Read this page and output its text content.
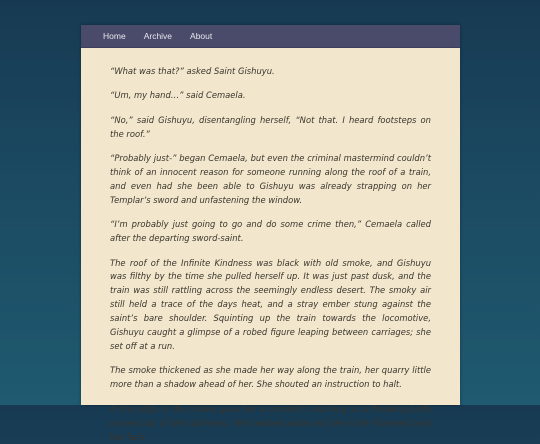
Home Archive About

“What was that?” asked Saint Gishuyu.

“Um, my hand…” said Cemaela.

“No,” said Gishuyu, disentangling herself, “Not that. I heard footsteps on the roof.”

“Probably just-” began Cemaela, but even the criminal mastermind couldn’t think of an innocent reason for someone running along the roof of a train, and even had she been able to Gishuyu was already strapping on her Templar’s sword and unfastening the window.

“I’m probably just going to go and do some crime then,” Cemaela called after the departing sword-saint.

The roof of the Infinite Kindness was black with old smoke, and Gishuyu was filthy by the time she pulled herself up. It was just past dusk, and the train was still rattling across the seemingly endless desert. The smoky air still held a trace of the days heat, and a stray ember stung against the saint’s bare shoulder. Squinting up the train towards the locomotive, Gishuyu caught a glimpse of a robed figure leaping between carriages; she set off at a run.

The smoke thickened as she made her way along the train, her quarry little more than a shadow ahead of her. She shouted an instruction to halt.

A tiny eddy in the smoke gave her a moment’s warning as a throwing knife curved out of the darkness. She twisted aside and the knife flickered past her face.
